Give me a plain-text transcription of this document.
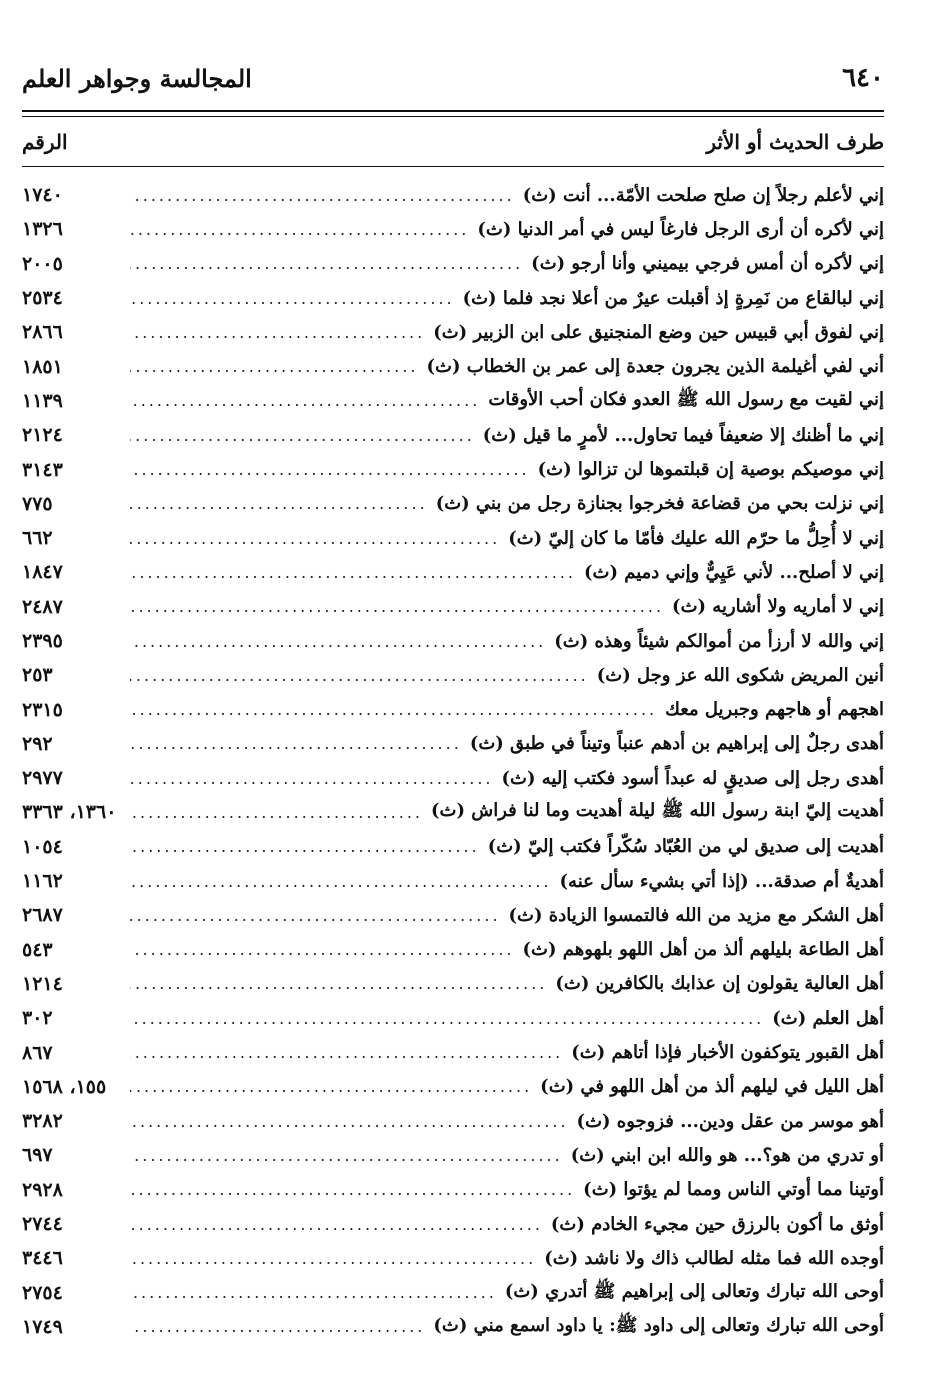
٦٤٠
المجالسة وجواهر العلم
طرف الحديث أو الأثر
الرقم
إني لأعلم رجلاً إن صلح صلحت الأمّة... أنت (ث)
.....
١٧٤٠
إني لأكره أن أرى الرجل فارغاً ليس في أمر الدنيا (ث)
.....
١٣٢٦
إني لأكره أن أمس فرجي بيميني وأنا أرجو (ث)
.....
٢٠٠٥
إني لبالقاع من نَمِرةٍ إذ أقبلت عيرٌ من أعلا نجد فلما (ث)
.....
٢٥٣٤
إني لفوق أبي قبيس حين وضع المنجنيق على ابن الزبير (ث)
.....
٢٨٦٦
أني لفي أغيلمة الذين يجرون جعدة إلى عمر بن الخطاب (ث)
.....
١٨٥١
إني لقيت مع رسول الله ﷺ العدو فكان أحب الأوقات
.....
١١٣٩
إني ما أظنك إلا ضعيفاً فيما تحاول... لأمرٍ ما قيل (ث)
.....
٢١٢٤
إني موصيكم بوصية إن قبلتموها لن تزالوا (ث)
.....
٣١٤٣
إني نزلت بحي من قضاعة فخرجوا بجنازة رجل من بني (ث)
.....
٧٧٥
إني لا أُحِلُّ ما حرّم الله عليك فأمّا ما كان إليّ (ث)
.....
٦٦٢
إني لا أصلح... لأني عَيِيٌّ وإني دميم (ث)
.....
١٨٤٧
إني لا أماريه ولا أشاريه (ث)
.....
٢٤٨٧
إني والله لا أرزأ من أموالكم شيئاً وهذه (ث)
.....
٢٣٩٥
أنين المريض شكوى الله عز وجل (ث)
.....
٢٥٣
اهجهم أو هاجهم وجبريل معك
.....
٢٣١٥
أهدى رجلٌ إلى إبراهيم بن أدهم عنباً وتيناً في طبق (ث)
.....
٢٩٢
أهدى رجل إلى صديقٍ له عبداً أسود فكتب إليه (ث)
.....
٢٩٧٧
أهديت إليّ ابنة رسول الله ﷺ ليلة أهديت وما لنا فراش (ث)
.....
١٣٦٠، ٣٣٦٣
أهديت إلى صديق لي من العُبّاد سُكّراً فكتب إليّ (ث)
.....
١٠٥٤
أهديةٌ أم صدقة... (إذا أتي بشيء سأل عنه)
.....
١١٦٢
أهل الشكر مع مزيد من الله فالتمسوا الزيادة (ث)
.....
٢٦٨٧
أهل الطاعة بليلهم ألذ من أهل اللهو بلهوهم (ث)
.....
٥٤٣
أهل العالية يقولون إن عذابك بالكافرين (ث)
.....
١٢١٤
أهل العلم (ث)
.....
٣٠٢
أهل القبور يتوكفون الأخبار فإذا أتاهم (ث)
.....
٨٦٧
أهل الليل في ليلهم ألذ من أهل اللهو في (ث)
.....
١٥٥، ١٥٦٨
أهو موسر من عقل ودين... فزوجوه (ث)
.....
٣٢٨٢
أو تدري من هو؟... هو والله ابن ابني (ث)
.....
٦٩٧
أوتينا مما أوتي الناس ومما لم يؤتوا (ث)
.....
٢٩٢٨
أوثق ما أكون بالرزق حين مجيء الخادم (ث)
.....
٢٧٤٤
أوجده الله فما مثله لطالب ذاك ولا ناشد (ث)
.....
٣٤٤٦
أوحى الله تبارك وتعالى إلى إبراهيم ﷺ أتدري (ث)
.....
٢٧٥٤
أوحى الله تبارك وتعالى إلى داود ﷺ: يا داود اسمع مني (ث)
.....
١٧٤٩
